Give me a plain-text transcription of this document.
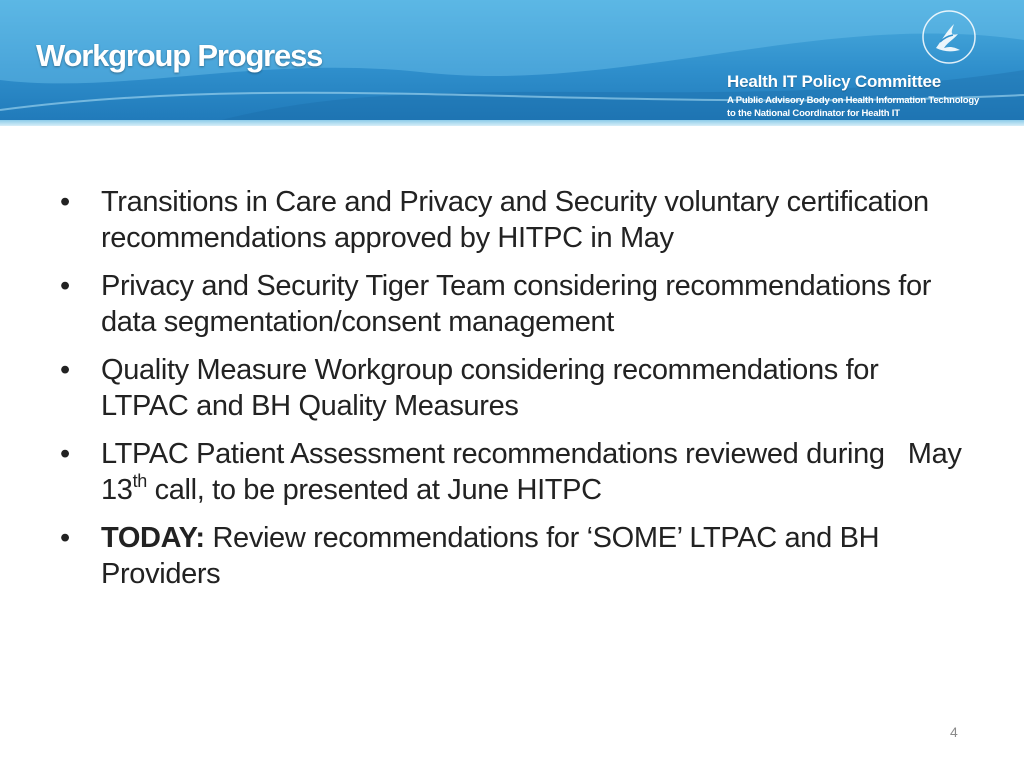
Workgroup Progress
Health IT Policy Committee
A Public Advisory Body on Health Information Technology
to the National Coordinator for Health IT
•	Transitions in Care and Privacy and Security voluntary certification recommendations approved by HITPC in May
•	Privacy and Security Tiger Team considering recommendations for data segmentation/consent management
•	Quality Measure Workgroup considering recommendations for LTPAC and BH Quality Measures
•	LTPAC Patient Assessment recommendations reviewed during   May 13th call, to be presented at June HITPC
•	TODAY: Review recommendations for ‘SOME’ LTPAC and BH Providers
4
